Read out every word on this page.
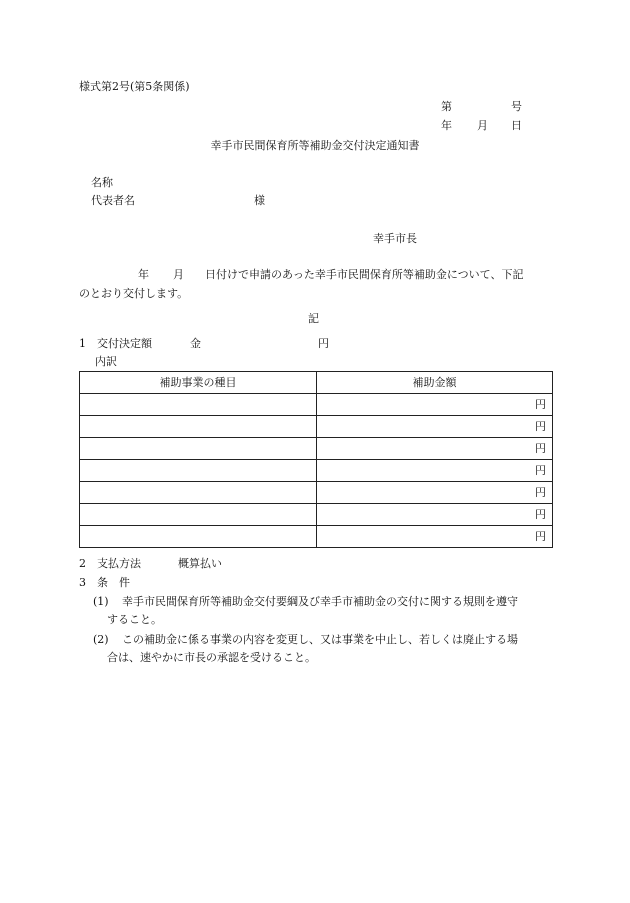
様式第2号(第5条関係)
第	号
年 月 日
幸手市民間保育所等補助金交付決定通知書
名称
代表者名	様
幸手市長
年 月 日付けで申請のあった幸手市民間保育所等補助金について、下記
のとおり交付します。
記
1　交付決定額	金	円
内訳
補助事業の種目	補助金額
	円
	円
	円
	円
	円
	円
	円
2　支払方法	概算払い
3　条　件
(1) 幸手市民間保育所等補助金交付要綱及び幸手市補助金の交付に関する規則を遵守
すること。
(2) この補助金に係る事業の内容を変更し、又は事業を中止し、若しくは廃止する場
合は、速やかに市長の承認を受けること。
